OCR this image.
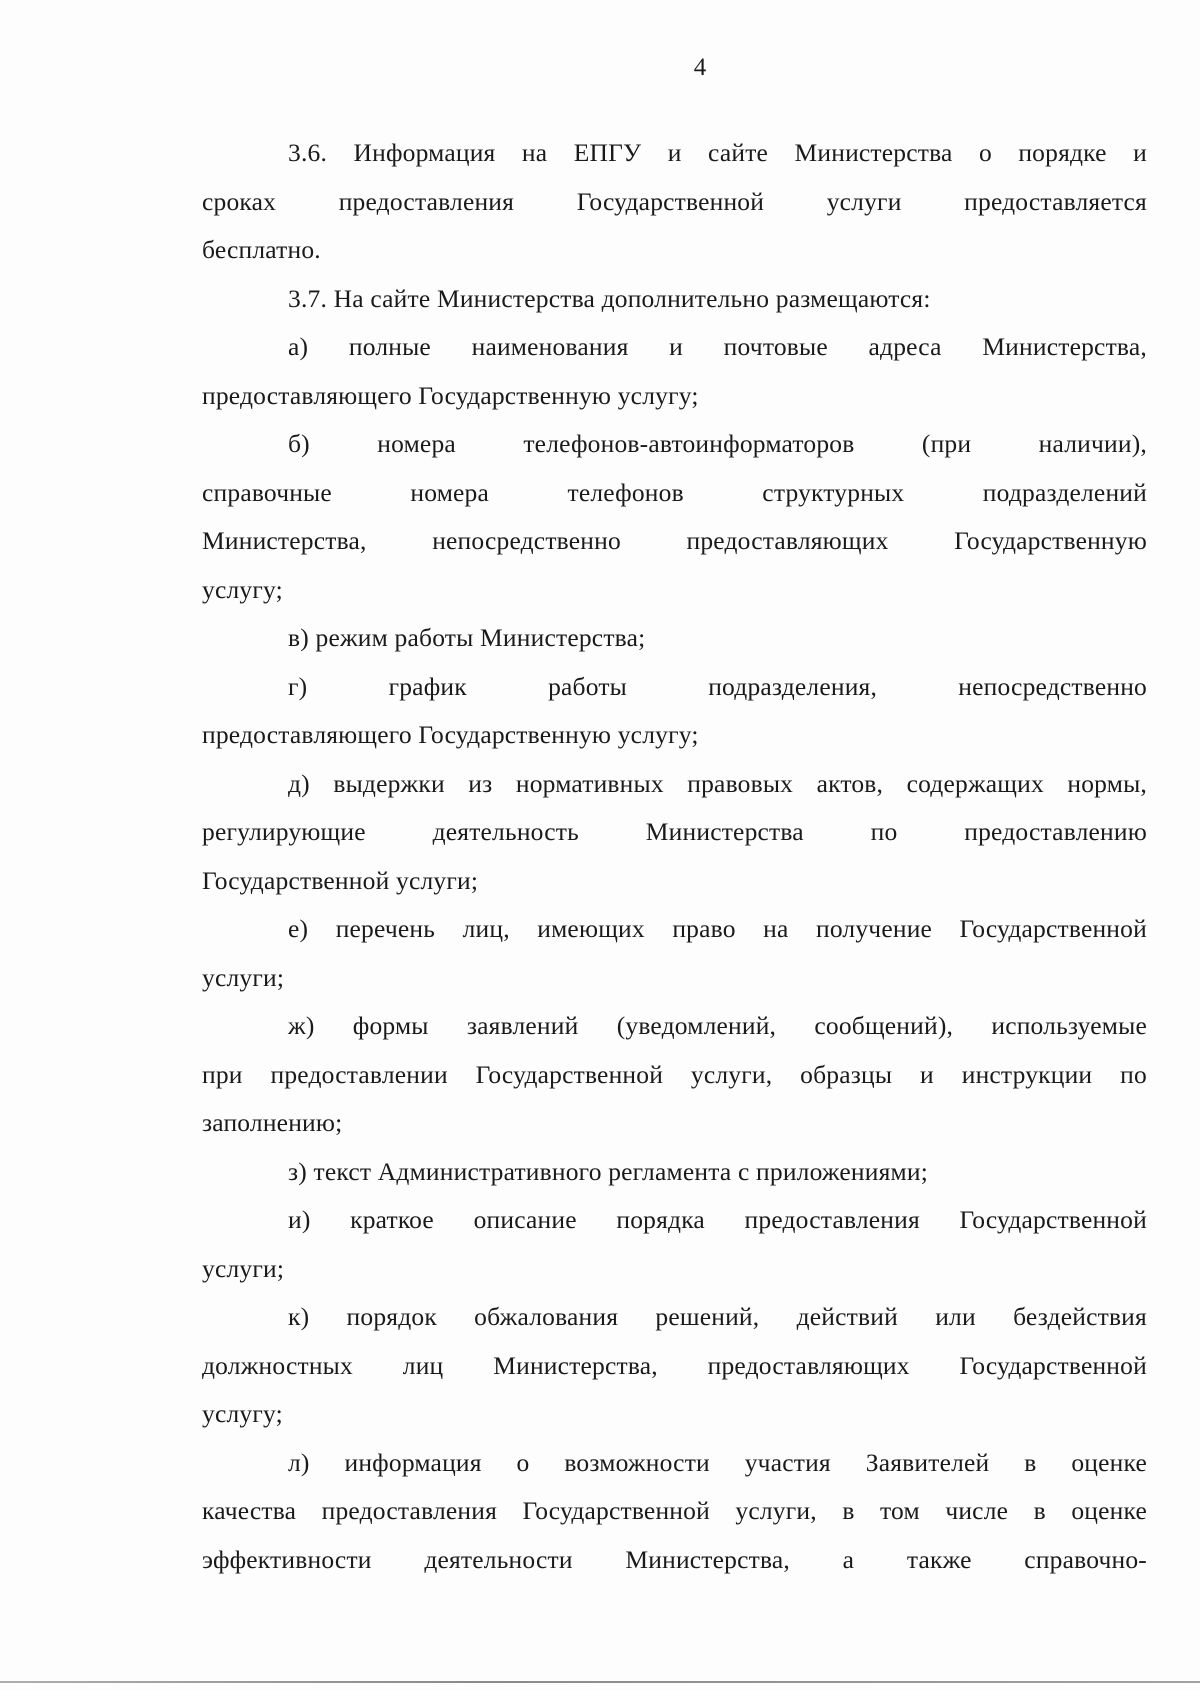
4
3.6. Информация на ЕПГУ и сайте Министерства о порядке и
сроках предоставления Государственной услуги предоставляется
бесплатно.
3.7. На сайте Министерства дополнительно размещаются:
а) полные наименования и почтовые адреса Министерства,
предоставляющего Государственную услугу;
б)	номера	телефонов-автоинформаторов	(при	наличии),
справочные	номера	телефонов	структурных	подразделений
Министерства,	непосредственно	предоставляющих	Государственную
услугу;
в) режим работы Министерства;
г)	график	работы	подразделения,	непосредственно
предоставляющего Государственную услугу;
д) выдержки из нормативных правовых актов, содержащих нормы,
регулирующие	деятельность	Министерства	по	предоставлению
Государственной услуги;
е) перечень лиц, имеющих право на получение Государственной
услуги;
ж) формы заявлений (уведомлений, сообщений), используемые
при предоставлении Государственной услуги, образцы и инструкции по
заполнению;
з) текст Административного регламента с приложениями;
и) краткое описание порядка предоставления Государственной
услуги;
к) порядок обжалования решений, действий или бездействия
должностных лиц Министерства, предоставляющих Государственной
услугу;
л) информация о возможности участия Заявителей в оценке
качества предоставления Государственной услуги, в том числе в оценке
эффективности деятельности Министерства, а также справочно-
